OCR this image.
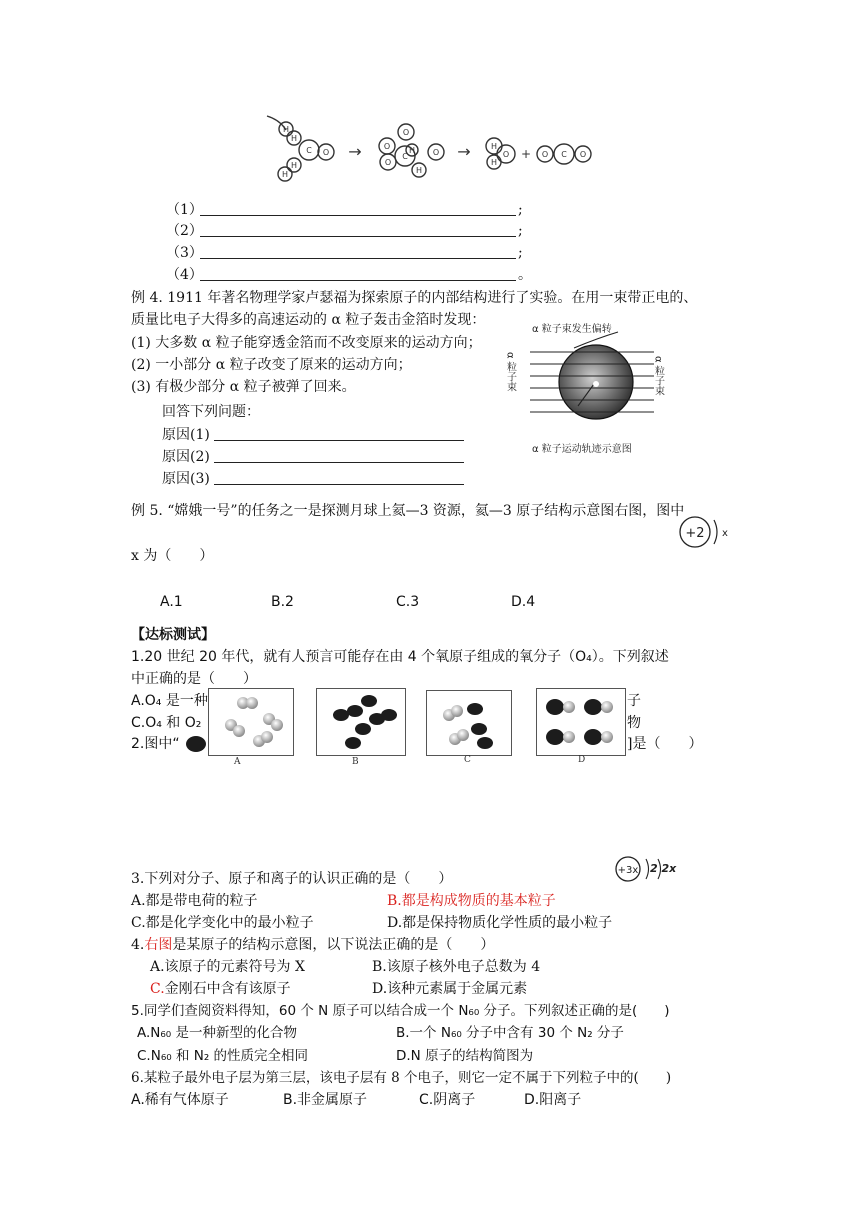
H
H
C O
H
H
→
O
O H
C
H
O
O →	H
O
H
+ O C O
（1）	;
（2）	;
（3）	;
（4）	。
例 4. 1911 年著名物理学家卢瑟福为探索原子的内部结构进行了实验。在用一束带正电的、
质量比电子大得多的高速运动的 α 粒子轰击金箔时发现：
(1) 大多数 α 粒子能穿透金箔而不改变原来的运动方向；
(2) 一小部分 α 粒子改变了原来的运动方向；
(3) 有极少部分 α 粒子被弹了回来。
回答下列问题：
原因(1)
原因(2)
原因(3)
α 粒子束发生偏转
α 粒子束	α 粒子束
α 粒子运动轨迹示意图
例 5. “嫦娥一号”的任务之一是探测月球上氦—3 资源，氦—3 原子结构示意图右图，图中
x 为（　　）
+2 x
A.1	B.2	C.3	D.4
【达标测试】
1.20 世纪 20 年代，就有人预言可能存在由 4 个氧原子组成的氧分子（O₄）。下列叙述
中正确的是（　　）
A.O₄ 是一种	子
C.O₄ 和 O₂	物
2.图中“	]是（　　）
A	B	C	D
+3x 2 2x
3.下列对分子、原子和离子的认识正确的是（　　）
A.都是带电荷的粒子	B.都是构成物质的基本粒子
C.都是化学变化中的最小粒子	D.都是保持物质化学性质的最小粒子
4.右图是某原子的结构示意图，以下说法正确的是（　　）
A.该原子的元素符号为 X	B.该原子核外电子总数为 4
C.金刚石中含有该原子	D.该种元素属于金属元素
5.同学们查阅资料得知，60 个 N 原子可以结合成一个 N₆₀ 分子。下列叙述正确的是(　　)
A.N₆₀ 是一种新型的化合物	B.一个 N₆₀ 分子中含有 30 个 N₂ 分子
C.N₆₀ 和 N₂ 的性质完全相同	D.N 原子的结构简图为
6.某粒子最外电子层为第三层，该电子层有 8 个电子，则它一定不属于下列粒子中的(　　)
A.稀有气体原子	B.非金属原子	C.阴离子	D.阳离子
